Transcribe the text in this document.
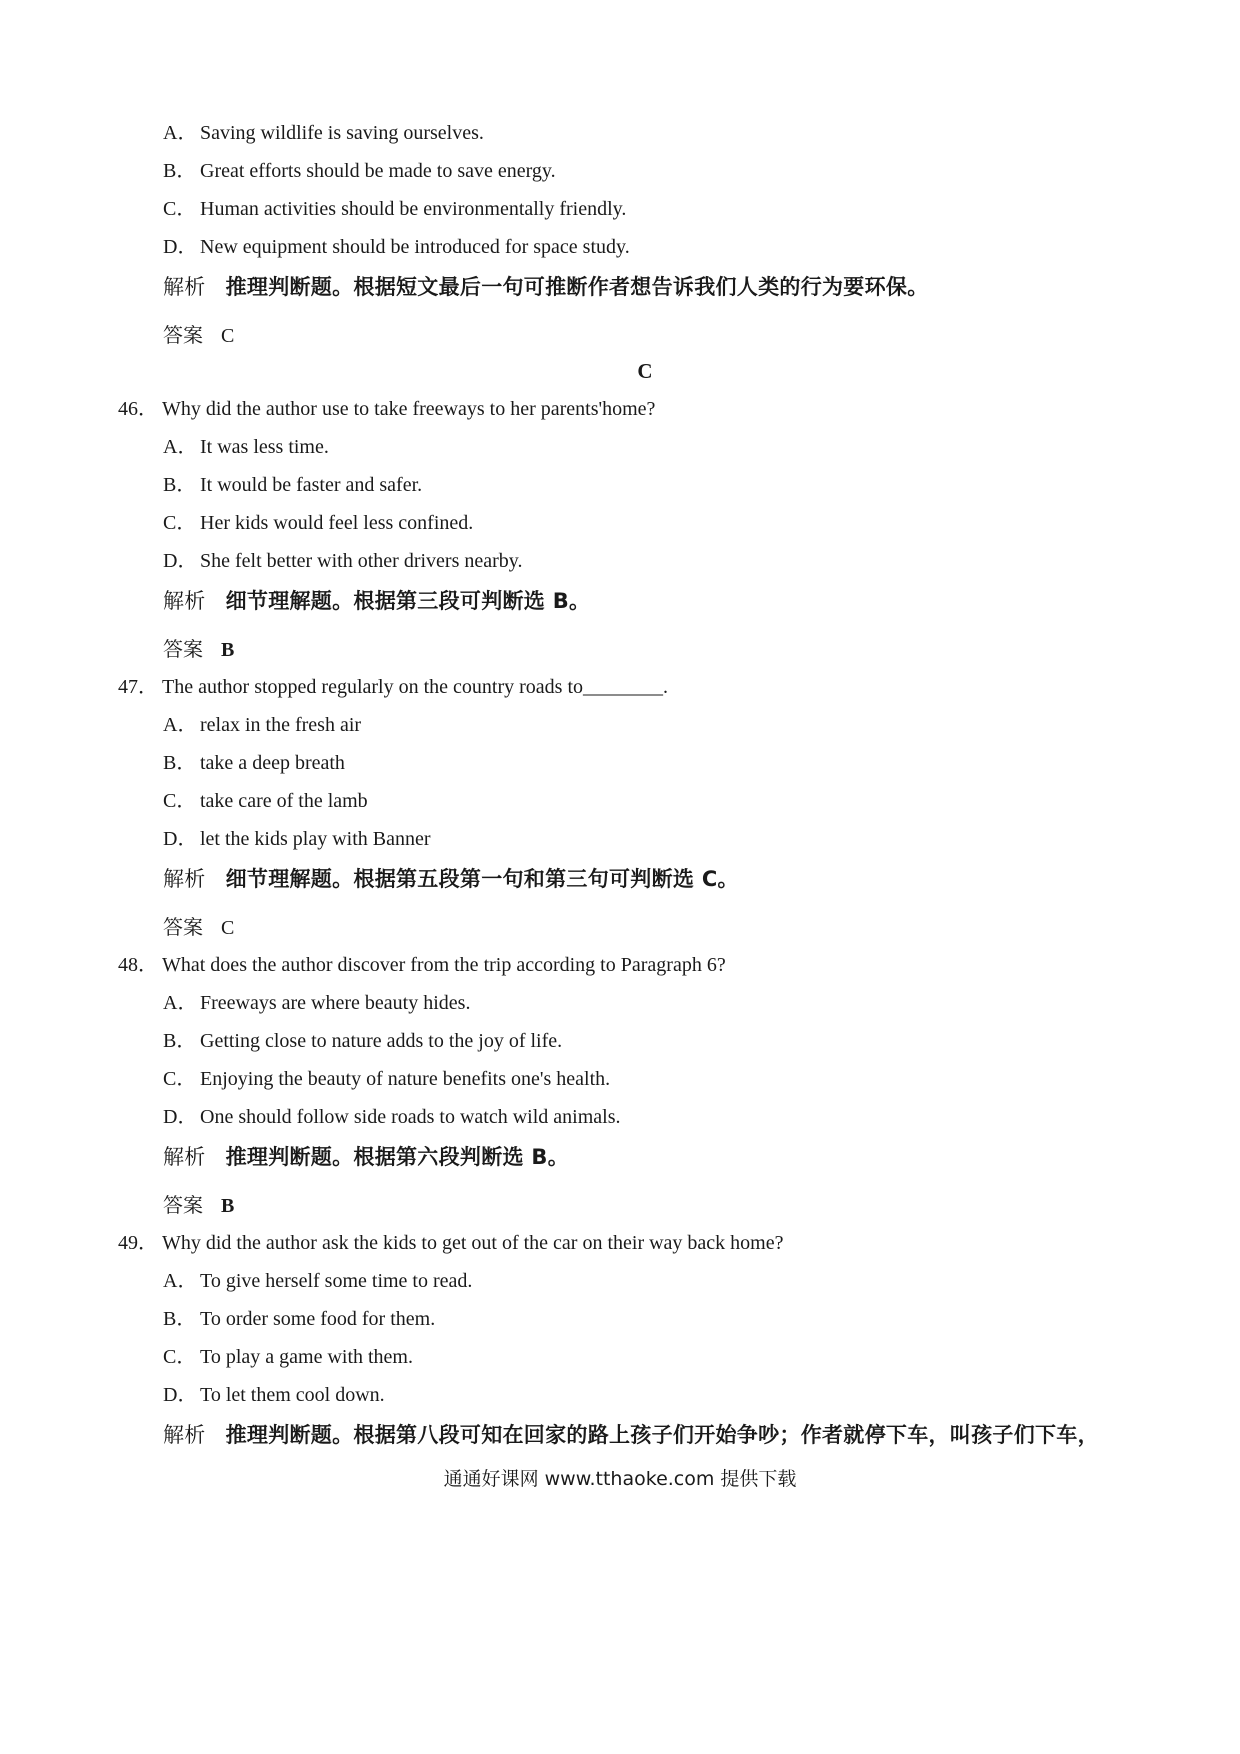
A． Saving wildlife is saving ourselves.
B． Great efforts should be made to save energy.
C． Human activities should be environmentally friendly.
D． New equipment should be introduced for space study.
解析 推理判断题。根据短文最后一句可推断作者想告诉我们人类的行为要环保。
答案 C
C
46． Why did the author use to take freeways to her parents'home?
A． It was less time.
B． It would be faster and safer.
C． Her kids would feel less confined.
D． She felt better with other drivers nearby.
解析 细节理解题。根据第三段可判断选 B。
答案 B
47． The author stopped regularly on the country roads to________.
A． relax in the fresh air
B． take a deep breath
C． take care of the lamb
D． let the kids play with Banner
解析 细节理解题。根据第五段第一句和第三句可判断选 C。
答案 C
48． What does the author discover from the trip according to Paragraph 6?
A． Freeways are where beauty hides.
B． Getting close to nature adds to the joy of life.
C． Enjoying the beauty of nature benefits one's health.
D． One should follow side roads to watch wild animals.
解析 推理判断题。根据第六段判断选 B。
答案 B
49． Why did the author ask the kids to get out of the car on their way back home?
A． To give herself some time to read.
B． To order some food for them.
C． To play a game with them.
D． To let them cool down.
解析 推理判断题。根据第八段可知在回家的路上孩子们开始争吵；作者就停下车，叫孩子们下车，
通通好课网 www.tthaoke.com 提供下载
